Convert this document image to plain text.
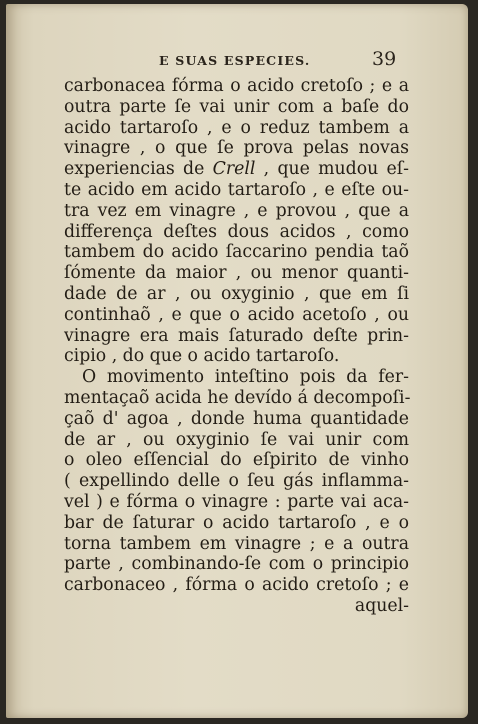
E SUAS ESPECIES.	39
carbonacea fórma o acido cretoſo ; e a
outra parte ſe vai unir com a baſe do
acido tartaroſo , e o reduz tambem a
vinagre , o que ſe prova pelas novas
experiencias de Crell , que mudou eſ-
te acido em acido tartaroſo , e eſte ou-
tra vez em vinagre , e provou , que a
differença deſtes dous acidos , como
tambem do acido ſaccarino pendia taõ
ſómente da maior , ou menor quanti-
dade de ar , ou oxyginio , que em ſi
continhaõ , e que o acido acetoſo , ou
vinagre era mais ſaturado deſte prin-
cipio , do que o acido tartaroſo.
O movimento inteſtino pois da fer-
mentaçaõ acida he devído á decompoſi-
çaõ d' agoa , donde huma quantidade
de ar , ou oxyginio ſe vai unir com
o oleo eſſencial do eſpirito de vinho
( expellindo delle o ſeu gás inflamma-
vel ) e fórma o vinagre : parte vai aca-
bar de ſaturar o acido tartaroſo , e o
torna tambem em vinagre ; e a outra
parte , combinando-ſe com o principio
carbonaceo , fórma o acido cretoſo ; e
aquel-
